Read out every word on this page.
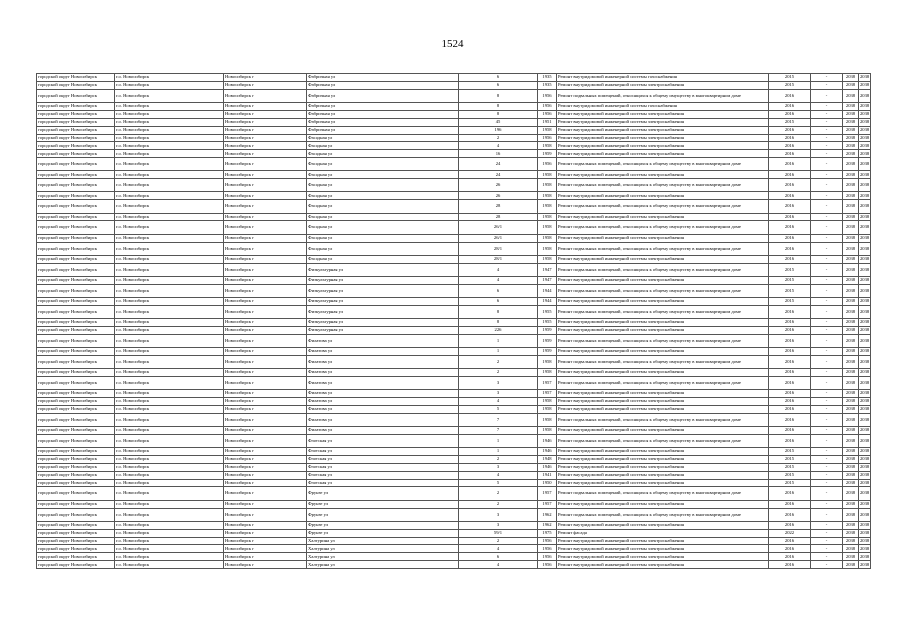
1524
городской округ Новосибирск	г.о. Новосибирск	Новосибирск г	Фабричная ул	6	1935	Ремонт внутридомовой инженерной системы газоснабжения	2015	-	2038	2038
городской округ Новосибирск	г.о. Новосибирск	Новосибирск г	Фабричная ул	6	1935	Ремонт внутридомовой инженерной системы электроснабжения	2015	-	2038	2038
городской округ Новосибирск	г.о. Новосибирск	Новосибирск г	Фабричная ул	8	1956	Ремонт подвальных помещений, относящихся к общему имуществу в многоквартирном доме	2016	-	2038	2038
городской округ Новосибирск	г.о. Новосибирск	Новосибирск г	Фабричная ул	8	1956	Ремонт внутридомовой инженерной системы газоснабжения	2016	-	2038	2038
городской округ Новосибирск	г.о. Новосибирск	Новосибирск г	Фабричная ул	8	1956	Ремонт внутридомовой инженерной системы электроснабжения	2016	-	2038	2038
городской округ Новосибирск	г.о. Новосибирск	Новосибирск г	Фабричная ул	45	1951	Ремонт внутридомовой инженерной системы электроснабжения	2015	-	2038	2038
городской округ Новосибирск	г.о. Новосибирск	Новосибирск г	Фабричная ул	196	1958	Ремонт внутридомовой инженерной системы электроснабжения	2016	-	2038	2038
городской округ Новосибирск	г.о. Новосибирск	Новосибирск г	Фасадная ул	2	1956	Ремонт внутридомовой инженерной системы электроснабжения	2016	-	2038	2038
городской округ Новосибирск	г.о. Новосибирск	Новосибирск г	Фасадная ул	4	1958	Ремонт внутридомовой инженерной системы электроснабжения	2016	-	2038	2038
городской округ Новосибирск	г.о. Новосибирск	Новосибирск г	Фасадная ул	16	1959	Ремонт внутридомовой инженерной системы электроснабжения	2016	-	2038	2038
городской округ Новосибирск	г.о. Новосибирск	Новосибирск г	Фасадная ул	24	1956	Ремонт подвальных помещений, относящихся к общему имуществу в многоквартирном доме	2016	-	2038	2038
городской округ Новосибирск	г.о. Новосибирск	Новосибирск г	Фасадная ул	24	1958	Ремонт внутридомовой инженерной системы электроснабжения	2016	-	2038	2038
городской округ Новосибирск	г.о. Новосибирск	Новосибирск г	Фасадная ул	26	1958	Ремонт подвальных помещений, относящихся к общему имуществу в многоквартирном доме	2016	-	2038	2038
городской округ Новосибирск	г.о. Новосибирск	Новосибирск г	Фасадная ул	26	1958	Ремонт внутридомовой инженерной системы электроснабжения	2016	-	2038	2038
городской округ Новосибирск	г.о. Новосибирск	Новосибирск г	Фасадная ул	28	1958	Ремонт подвальных помещений, относящихся к общему имуществу в многоквартирном доме	2016	-	2038	2038
городской округ Новосибирск	г.о. Новосибирск	Новосибирск г	Фасадная ул	28	1958	Ремонт внутридомовой инженерной системы электроснабжения	2016	-	2038	2038
городской округ Новосибирск	г.о. Новосибирск	Новосибирск г	Фасадная ул	26/1	1958	Ремонт подвальных помещений, относящихся к общему имуществу в многоквартирном доме	2016	-	2038	2038
городской округ Новосибирск	г.о. Новосибирск	Новосибирск г	Фасадная ул	26/1	1958	Ремонт внутридомовой инженерной системы электроснабжения	2016	-	2038	2038
городской округ Новосибирск	г.о. Новосибирск	Новосибирск г	Фасадная ул	28/1	1958	Ремонт подвальных помещений, относящихся к общему имуществу в многоквартирном доме	2016	-	2038	2038
городской округ Новосибирск	г.о. Новосибирск	Новосибирск г	Фасадная ул	28/1	1958	Ремонт внутридомовой инженерной системы электроснабжения	2016	-	2038	2038
городской округ Новосибирск	г.о. Новосибирск	Новосибирск г	Физкультурная ул	4	1947	Ремонт подвальных помещений, относящихся к общему имуществу в многоквартирном доме	2015	-	2038	2038
городской округ Новосибирск	г.о. Новосибирск	Новосибирск г	Физкультурная ул	4	1947	Ремонт внутридомовой инженерной системы электроснабжения	2015	-	2038	2038
городской округ Новосибирск	г.о. Новосибирск	Новосибирск г	Физкультурная ул	6	1944	Ремонт подвальных помещений, относящихся к общему имуществу в многоквартирном доме	2015	-	2038	2038
городской округ Новосибирск	г.о. Новосибирск	Новосибирск г	Физкультурная ул	6	1944	Ремонт внутридомовой инженерной системы электроснабжения	2015	-	2038	2038
городской округ Новосибирск	г.о. Новосибирск	Новосибирск г	Физкультурная ул	8	1955	Ремонт подвальных помещений, относящихся к общему имуществу в многоквартирном доме	2016	-	2038	2038
городской округ Новосибирск	г.о. Новосибирск	Новосибирск г	Физкультурная ул	8	1955	Ремонт внутридомовой инженерной системы электроснабжения	2016	-	2038	2038
городской округ Новосибирск	г.о. Новосибирск	Новосибирск г	Физкультурная ул	226	1959	Ремонт внутридомовой инженерной системы электроснабжения	2016	-	2038	2038
городской округ Новосибирск	г.о. Новосибирск	Новосибирск г	Филатова ул	1	1959	Ремонт подвальных помещений, относящихся к общему имуществу в многоквартирном доме	2016	-	2038	2038
городской округ Новосибирск	г.о. Новосибирск	Новосибирск г	Филатова ул	1	1959	Ремонт внутридомовой инженерной системы электроснабжения	2016	-	2038	2038
городской округ Новосибирск	г.о. Новосибирск	Новосибирск г	Филатова ул	2	1958	Ремонт подвальных помещений, относящихся к общему имуществу в многоквартирном доме	2016	-	2038	2038
городской округ Новосибирск	г.о. Новосибирск	Новосибирск г	Филатова ул	2	1958	Ремонт внутридомовой инженерной системы электроснабжения	2016	-	2038	2038
городской округ Новосибирск	г.о. Новосибирск	Новосибирск г	Филатова ул	3	1957	Ремонт подвальных помещений, относящихся к общему имуществу в многоквартирном доме	2016	-	2038	2038
городской округ Новосибирск	г.о. Новосибирск	Новосибирск г	Филатова ул	3	1957	Ремонт внутридомовой инженерной системы электроснабжения	2016	-	2038	2038
городской округ Новосибирск	г.о. Новосибирск	Новосибирск г	Филатова ул	4	1958	Ремонт внутридомовой инженерной системы электроснабжения	2016	-	2038	2038
городской округ Новосибирск	г.о. Новосибирск	Новосибирск г	Филатова ул	5	1958	Ремонт внутридомовой инженерной системы электроснабжения	2016	-	2038	2038
городской округ Новосибирск	г.о. Новосибирск	Новосибирск г	Филатова ул	7	1958	Ремонт подвальных помещений, относящихся к общему имуществу в многоквартирном доме	2016	-	2038	2038
городской округ Новосибирск	г.о. Новосибирск	Новосибирск г	Филатова ул	7	1958	Ремонт внутридомовой инженерной системы электроснабжения	2016	-	2038	2038
городской округ Новосибирск	г.о. Новосибирск	Новосибирск г	Флотская ул	1	1946	Ремонт подвальных помещений, относящихся к общему имуществу в многоквартирном доме	2016	-	2038	2038
городской округ Новосибирск	г.о. Новосибирск	Новосибирск г	Флотская ул	1	1946	Ремонт внутридомовой инженерной системы электроснабжения	2015	-	2038	2038
городской округ Новосибирск	г.о. Новосибирск	Новосибирск г	Флотская ул	2	1948	Ремонт внутридомовой инженерной системы электроснабжения	2015	-	2038	2038
городской округ Новосибирск	г.о. Новосибирск	Новосибирск г	Флотская ул	3	1946	Ремонт внутридомовой инженерной системы электроснабжения	2015	-	2038	2038
городской округ Новосибирск	г.о. Новосибирск	Новосибирск г	Флотская ул	4	1941	Ремонт внутридомовой инженерной системы электроснабжения	2015	-	2038	2038
городской округ Новосибирск	г.о. Новосибирск	Новосибирск г	Флотская ул	5	1950	Ремонт внутридомовой инженерной системы электроснабжения	2015	-	2038	2038
городской округ Новосибирск	г.о. Новосибирск	Новосибирск г	Фрунзе ул	2	1957	Ремонт подвальных помещений, относящихся к общему имуществу в многоквартирном доме	2016	-	2038	2038
городской округ Новосибирск	г.о. Новосибирск	Новосибирск г	Фрунзе ул	2	1957	Ремонт внутридомовой инженерной системы электроснабжения	2016	-	2038	2038
городской округ Новосибирск	г.о. Новосибирск	Новосибирск г	Фрунзе ул	3	1962	Ремонт подвальных помещений, относящихся к общему имуществу в многоквартирном доме	2016	-	2038	2038
городской округ Новосибирск	г.о. Новосибирск	Новосибирск г	Фрунзе ул	3	1962	Ремонт внутридомовой инженерной системы электроснабжения	2016	-	2038	2038
городской округ Новосибирск	г.о. Новосибирск	Новосибирск г	Фрунзе ул	59/1	1975	Ремонт фасада	2022	-	2038	2038
городской округ Новосибирск	г.о. Новосибирск	Новосибирск г	Халтурина ул	2	1956	Ремонт внутридомовой инженерной системы электроснабжения	2016	-	2038	2038
городской округ Новосибирск	г.о. Новосибирск	Новосибирск г	Халтурина ул	4	1956	Ремонт внутридомовой инженерной системы электроснабжения	2016	-	2038	2038
городской округ Новосибирск	г.о. Новосибирск	Новосибирск г	Халтурина ул	6	1956	Ремонт внутридомовой инженерной системы электроснабжения	2016	-	2038	2038
городской округ Новосибирск	г.о. Новосибирск	Новосибирск г	Халтурина ул	4	1956	Ремонт внутридомовой инженерной системы электроснабжения	2016	-	2038	2038
